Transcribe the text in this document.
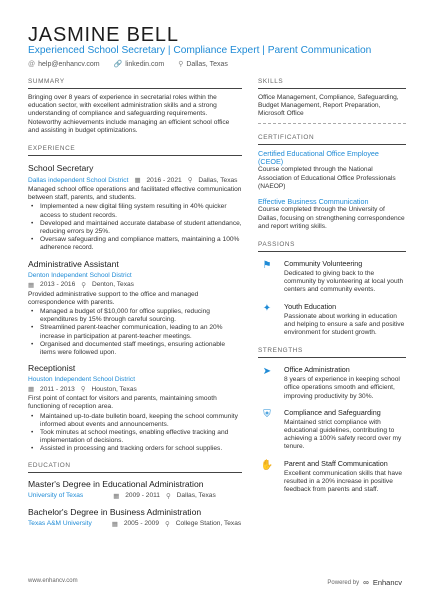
JASMINE BELL
Experienced School Secretary | Compliance Expert | Parent Communication
@ help@enhancv.com 🔗 linkedin.com ⚲ Dallas, Texas
SUMMARY
Bringing over 8 years of experience in secretarial roles within the education sector, with excellent administration skills and a strong understanding of compliance and safeguarding requirements. Noteworthy achievements include managing an efficient school office and assisting in budget optimizations.
EXPERIENCE
School Secretary
Dallas independent School District ▦ 2016 - 2021 ⚲ Dallas, Texas
Managed school office operations and facilitated effective communication between staff, parents, and students.
• Implemented a new digital filing system resulting in 40% quicker access to student records.
• Developed and maintained accurate database of student attendance, reducing errors by 25%.
• Oversaw safeguarding and compliance matters, maintaining a 100% adherence record.
Administrative Assistant
Denton Independent School District
▦ 2013 - 2016 ⚲ Denton, Texas
Provided administrative support to the office and managed correspondence with parents.
• Managed a budget of $10,000 for office supplies, reducing expenditures by 15% through careful sourcing.
• Streamlined parent-teacher communication, leading to an 20% increase in participation at parent-teacher meetings.
• Organised and documented staff meetings, ensuring actionable items were followed upon.
Receptionist
Houston Independent School District
▦ 2011 - 2013 ⚲ Houston, Texas
First point of contact for visitors and parents, maintaining smooth functioning of reception area.
• Maintained up-to-date bulletin board, keeping the school community informed about events and announcements.
• Took minutes at school meetings, enabling effective tracking and implementation of decisions.
• Assisted in processing and tracking orders for school supplies.
EDUCATION
Master's Degree in Educational Administration
University of Texas	▦ 2009 - 2011 ⚲ Dallas, Texas
Bachelor's Degree in Business Administration
Texas A&M University	▦ 2005 - 2009 ⚲ College Station, Texas
SKILLS
Office Management, Compliance, Safeguarding, Budget Management, Report Preparation, Microsoft Office
CERTIFICATION
Certified Educational Office Employee (CEOE)
Course completed through the National Association of Educational Office Professionals (NAEOP)
Effective Business Communication
Course completed through the University of Dallas, focusing on strengthening correspondence and report writing skills.
PASSIONS
⚑	Community Volunteering
Dedicated to giving back to the community by volunteering at local youth centers and community events.
✦	Youth Education
Passionate about working in education and helping to ensure a safe and positive environment for student growth.
STRENGTHS
➤	Office Administration
8 years of experience in keeping school office operations smooth and efficient, improving productivity by 30%.
⛨	Compliance and Safeguarding
Maintained strict compliance with educational guidelines, contributing to achieving a 100% safety record over my tenure.
✋	Parent and Staff Communication
Excellent communication skills that have resulted in a 20% increase in positive feedback from parents and staff.
www.enhancv.com	Powered by ∞ Enhancv
